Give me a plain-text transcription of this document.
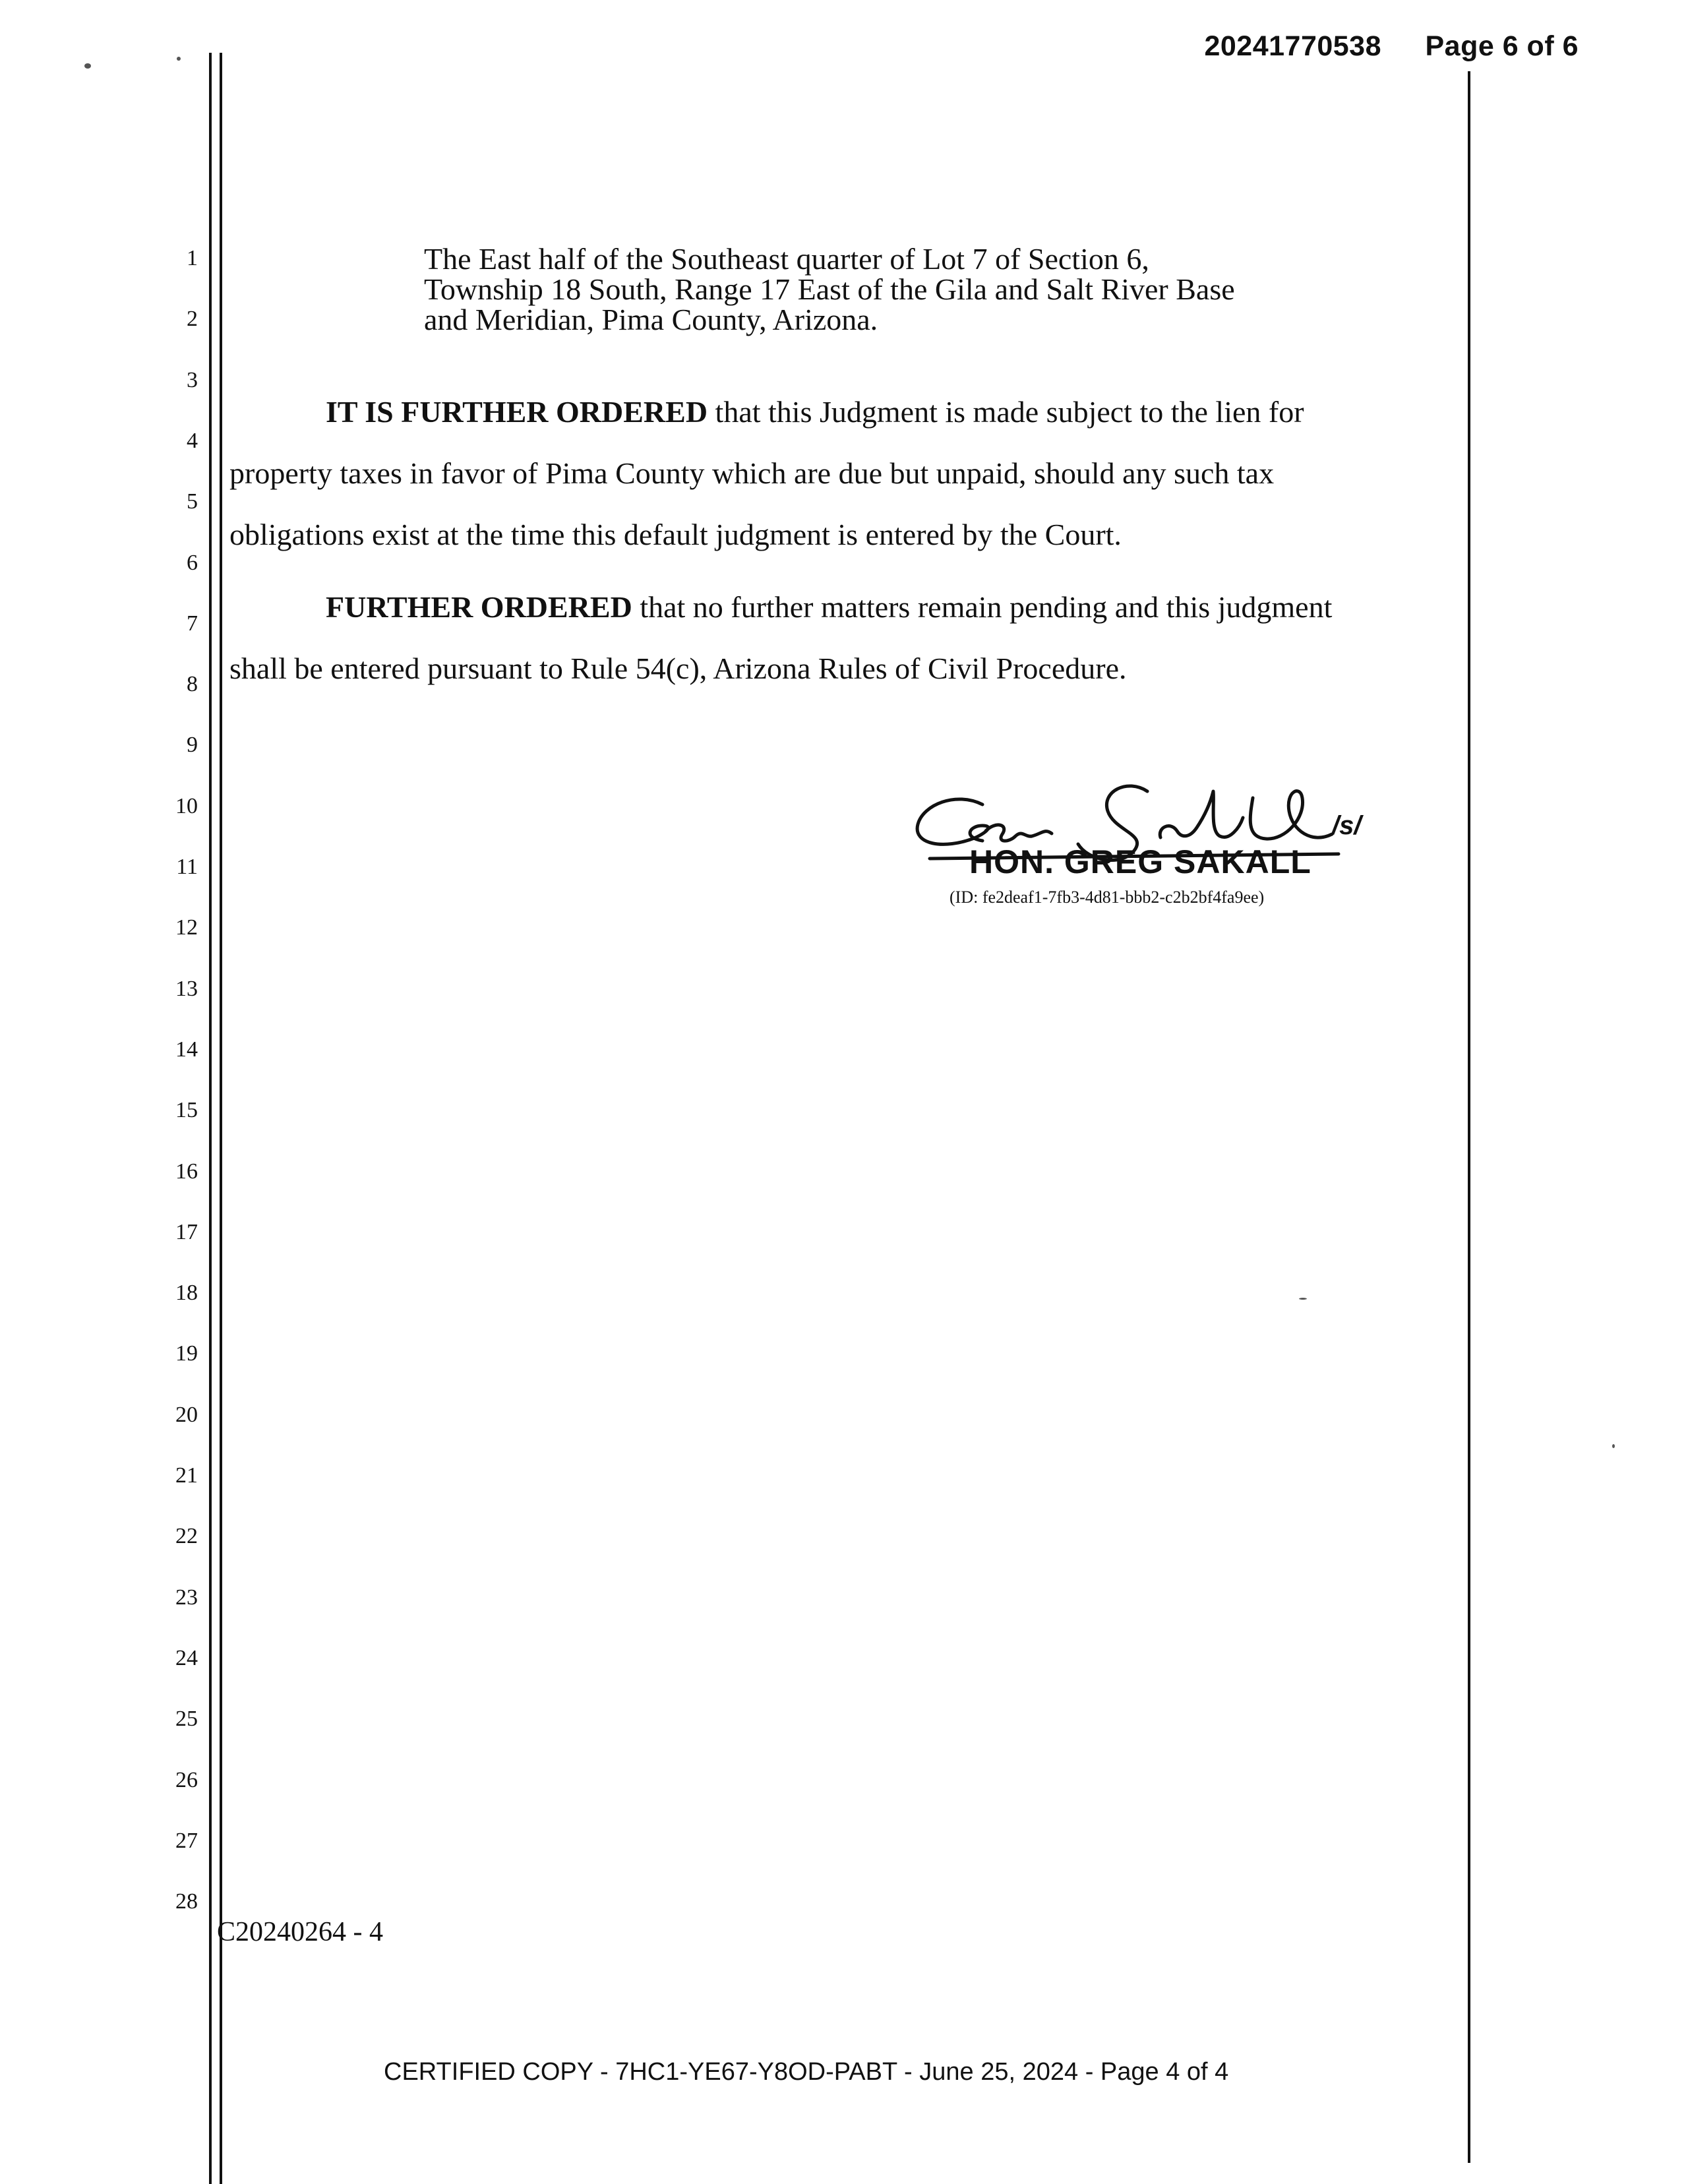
20241770538 Page 6 of 6
1
2
3
4
5
6
7
8
9
10
11
12
13
14
15
16
17
18
19
20
21
22
23
24
25
26
27
28
The East half of the Southeast quarter of Lot 7 of Section 6,
Township 18 South, Range 17 East of the Gila and Salt River Base
and Meridian, Pima County, Arizona.
IT IS FURTHER ORDERED that this Judgment is made subject to the lien for
property taxes in favor of Pima County which are due but unpaid, should any such tax
obligations exist at the time this default judgment is entered by the Court.
FURTHER ORDERED that no further matters remain pending and this judgment
shall be entered pursuant to Rule 54(c), Arizona Rules of Civil Procedure.
/s/
HON. GREG SAKALL
(ID: fe2deaf1-7fb3-4d81-bbb2-c2b2bf4fa9ee)
C20240264 - 4
CERTIFIED COPY - 7HC1-YE67-Y8OD-PABT - June 25, 2024 - Page 4 of 4
